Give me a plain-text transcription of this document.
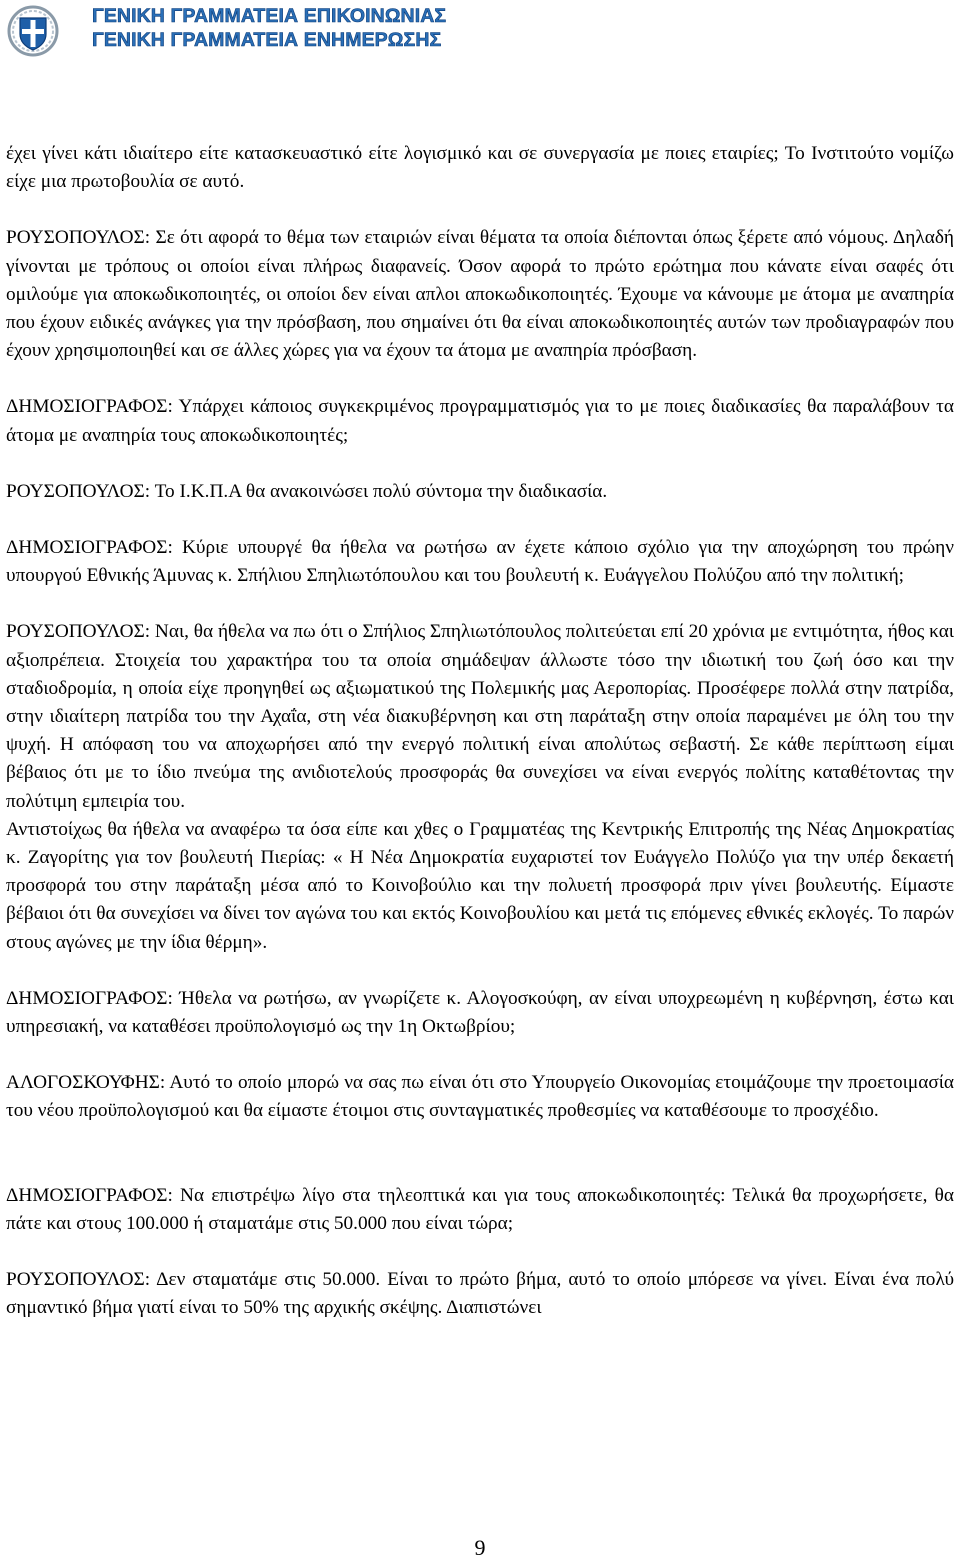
ΓΕΝΙΚΗ ΓΡΑΜΜΑΤΕΙΑ ΕΠΙΚΟΙΝΩΝΙΑΣ
ΓΕΝΙΚΗ ΓΡΑΜΜΑΤΕΙΑ ΕΝΗΜΕΡΩΣΗΣ

έχει γίνει κάτι ιδιαίτερο είτε κατασκευαστικό είτε λογισμικό και σε συνεργασία με ποιες εταιρίες; Το Ινστιτούτο νομίζω είχε μια πρωτοβουλία σε αυτό.

ΡΟΥΣΟΠΟΥΛΟΣ: Σε ότι αφορά το θέμα των εταιριών είναι θέματα τα οποία διέπονται όπως ξέρετε από νόμους. Δηλαδή γίνονται με τρόπους οι οποίοι είναι πλήρως διαφανείς. Όσον αφορά το πρώτο ερώτημα που κάνατε είναι σαφές ότι ομιλούμε για αποκωδικοποιητές, οι οποίοι δεν είναι απλοι αποκωδικοποιητές. Έχουμε να κάνουμε με άτομα με αναπηρία που έχουν ειδικές ανάγκες για την πρόσβαση, που σημαίνει ότι θα είναι αποκωδικοποιητές αυτών των προδιαγραφών που έχουν χρησιμοποιηθεί και σε άλλες χώρες για να έχουν τα άτομα με αναπηρία πρόσβαση.

ΔΗΜΟΣΙΟΓΡΑΦΟΣ: Υπάρχει κάποιος συγκεκριμένος προγραμματισμός για το με ποιες διαδικασίες θα παραλάβουν τα άτομα με αναπηρία τους αποκωδικοποιητές;

ΡΟΥΣΟΠΟΥΛΟΣ: Το Ι.Κ.Π.Α θα ανακοινώσει πολύ σύντομα την διαδικασία.

ΔΗΜΟΣΙΟΓΡΑΦΟΣ: Κύριε υπουργέ θα ήθελα να ρωτήσω αν έχετε κάποιο σχόλιο για την αποχώρηση του πρώην υπουργού Εθνικής Άμυνας κ. Σπήλιου Σπηλιωτόπουλου και του βουλευτή κ. Ευάγγελου Πολύζου από την πολιτική;

ΡΟΥΣΟΠΟΥΛΟΣ: Ναι, θα ήθελα να πω ότι ο Σπήλιος Σπηλιωτόπουλος πολιτεύεται επί 20 χρόνια με εντιμότητα, ήθος και αξιοπρέπεια. Στοιχεία του χαρακτήρα του τα οποία σημάδεψαν άλλωστε τόσο την ιδιωτική του ζωή όσο και την σταδιοδρομία, η οποία είχε προηγηθεί ως αξιωματικού της Πολεμικής μας Αεροπορίας. Προσέφερε πολλά στην πατρίδα, στην ιδιαίτερη πατρίδα του την Αχαΐα, στη νέα διακυβέρνηση και στη παράταξη στην οποία παραμένει με όλη του την ψυχή. Η απόφαση του να αποχωρήσει από την ενεργό πολιτική είναι απολύτως σεβαστή. Σε κάθε περίπτωση είμαι βέβαιος ότι με το ίδιο πνεύμα της ανιδιοτελούς προσφοράς θα συνεχίσει να είναι ενεργός πολίτης καταθέτοντας την πολύτιμη εμπειρία του.

Αντιστοίχως θα ήθελα να αναφέρω τα όσα είπε και χθες ο Γραμματέας της Κεντρικής Επιτροπής της Νέας Δημοκρατίας κ. Ζαγορίτης για τον βουλευτή Πιερίας: « Η Νέα Δημοκρατία ευχαριστεί τον Ευάγγελο Πολύζο για την υπέρ δεκαετή προσφορά του στην παράταξη μέσα από το Κοινοβούλιο και την πολυετή προσφορά πριν γίνει βουλευτής. Είμαστε βέβαιοι ότι θα συνεχίσει να δίνει τον αγώνα του και εκτός Κοινοβουλίου και μετά τις επόμενες εθνικές εκλογές. Το παρών στους αγώνες με την ίδια θέρμη».

ΔΗΜΟΣΙΟΓΡΑΦΟΣ: Ήθελα να ρωτήσω, αν γνωρίζετε κ. Αλογοσκούφη, αν είναι υποχρεωμένη η κυβέρνηση, έστω και υπηρεσιακή, να καταθέσει προϋπολογισμό ως την 1η Οκτωβρίου;

ΑΛΟΓΟΣΚΟΥΦΗΣ: Αυτό το οποίο μπορώ να σας πω είναι ότι στο Υπουργείο Οικονομίας ετοιμάζουμε την προετοιμασία του νέου προϋπολογισμού και θα είμαστε έτοιμοι στις συνταγματικές προθεσμίες να καταθέσουμε το προσχέδιο.

ΔΗΜΟΣΙΟΓΡΑΦΟΣ: Να επιστρέψω λίγο στα τηλεοπτικά και για τους αποκωδικοποιητές: Τελικά θα προχωρήσετε, θα πάτε και στους 100.000 ή σταματάμε στις 50.000 που είναι τώρα;

ΡΟΥΣΟΠΟΥΛΟΣ: Δεν σταματάμε στις 50.000. Είναι το πρώτο βήμα, αυτό το οποίο μπόρεσε να γίνει. Είναι ένα πολύ σημαντικό βήμα γιατί είναι το 50% της αρχικής σκέψης. Διαπιστώνει

9
